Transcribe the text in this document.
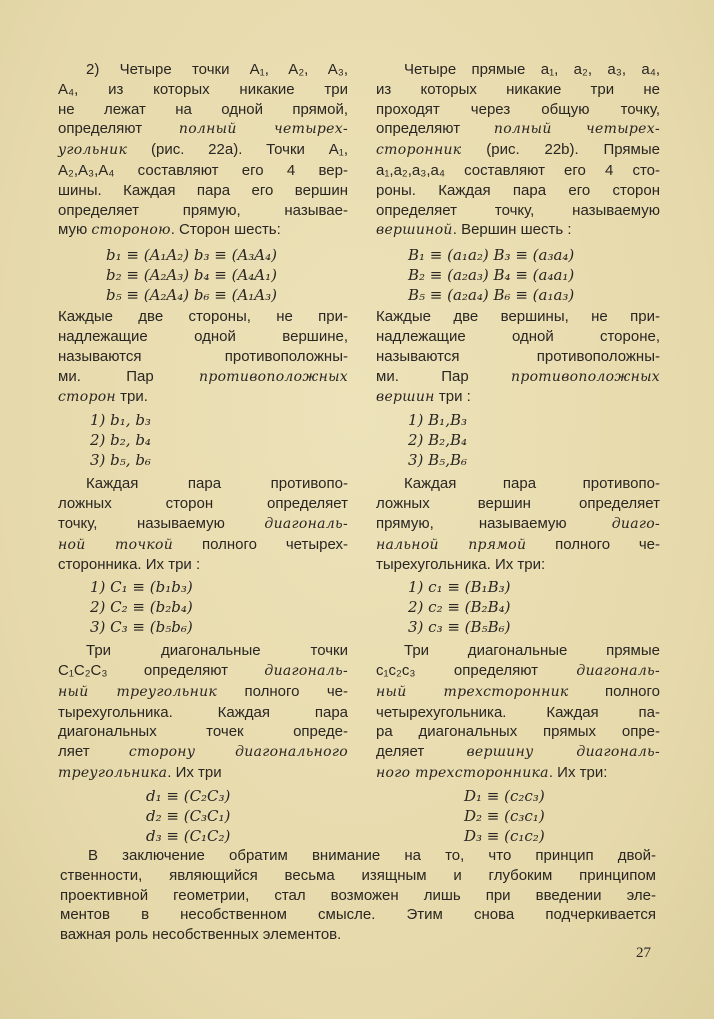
2) Четыре точки A₁, A₂, A₃,
A₄, из которых никакие три
не лежат на одной прямой,
определяют полный четырех-
угольник (рис. 22a). Точки A₁,
A₂,A₃,A₄ составляют его 4 вер-
шины. Каждая пара его вершин
определяет прямую, называе-
мую стороною. Сторон шесть:
b₁ ≡ (A₁A₂) b₃ ≡ (A₃A₄)
b₂ ≡ (A₂A₃) b₄ ≡ (A₄A₁)
b₅ ≡ (A₂A₄) b₆ ≡ (A₁A₃)
Каждые две стороны, не при-
надлежащие одной вершине,
называются противоположны-
ми. Пар противоположных
сторон три.
1) b₁, b₃
2) b₂, b₄
3) b₅, b₆
Каждая пара противопо-
ложных сторон определяет
точку, называемую диагональ-
ной точкой полного четырех-
сторонника. Их три :
1) C₁ ≡ (b₁b₃)
2) C₂ ≡ (b₂b₄)
3) C₃ ≡ (b₅b₆)
Три диагональные точки
C₁C₂C₃ определяют диагональ-
ный треугольник полного че-
тырехугольника. Каждая пара
диагональных точек опреде-
ляет сторону диагонального
треугольника. Их три
d₁ ≡ (C₂C₃)
d₂ ≡ (C₃C₁)
d₃ ≡ (C₁C₂)
Четыре прямые a₁, a₂, a₃, a₄,
из которых никакие три не
проходят через общую точку,
определяют полный четырех-
сторонник (рис. 22b). Прямые
a₁,a₂,a₃,a₄ составляют его 4 сто-
роны. Каждая пара его сторон
определяет точку, называемую
вершиной. Вершин шесть :
B₁ ≡ (a₁a₂) B₃ ≡ (a₃a₄)
B₂ ≡ (a₂a₃) B₄ ≡ (a₄a₁)
B₅ ≡ (a₂a₄) B₆ ≡ (a₁a₃)
Каждые две вершины, не при-
надлежащие одной стороне,
называются противоположны-
ми. Пар противоположных
вершин три :
1) B₁,B₃
2) B₂,B₄
3) B₅,B₆
Каждая пара противопо-
ложных вершин определяет
прямую, называемую диаго-
нальной прямой полного че-
тырехугольника. Их три:
1) c₁ ≡ (B₁B₃)
2) c₂ ≡ (B₂B₄)
3) c₃ ≡ (B₅B₆)
Три диагональные прямые
c₁c₂c₃ определяют диагональ-
ный трехсторонник полного
четырехугольника. Каждая па-
ра диагональных прямых опре-
деляет вершину диагональ-
ного трехсторонника. Их три:
D₁ ≡ (c₂c₃)
D₂ ≡ (c₃c₁)
D₃ ≡ (c₁c₂)
В заключение обратим внимание на то, что принцип двой-
ственности, являющийся весьма изящным и глубоким принципом
проективной геометрии, стал возможен лишь при введении эле-
ментов в несобственном смысле. Этим снова подчеркивается
важная роль несобственных элементов.
27
